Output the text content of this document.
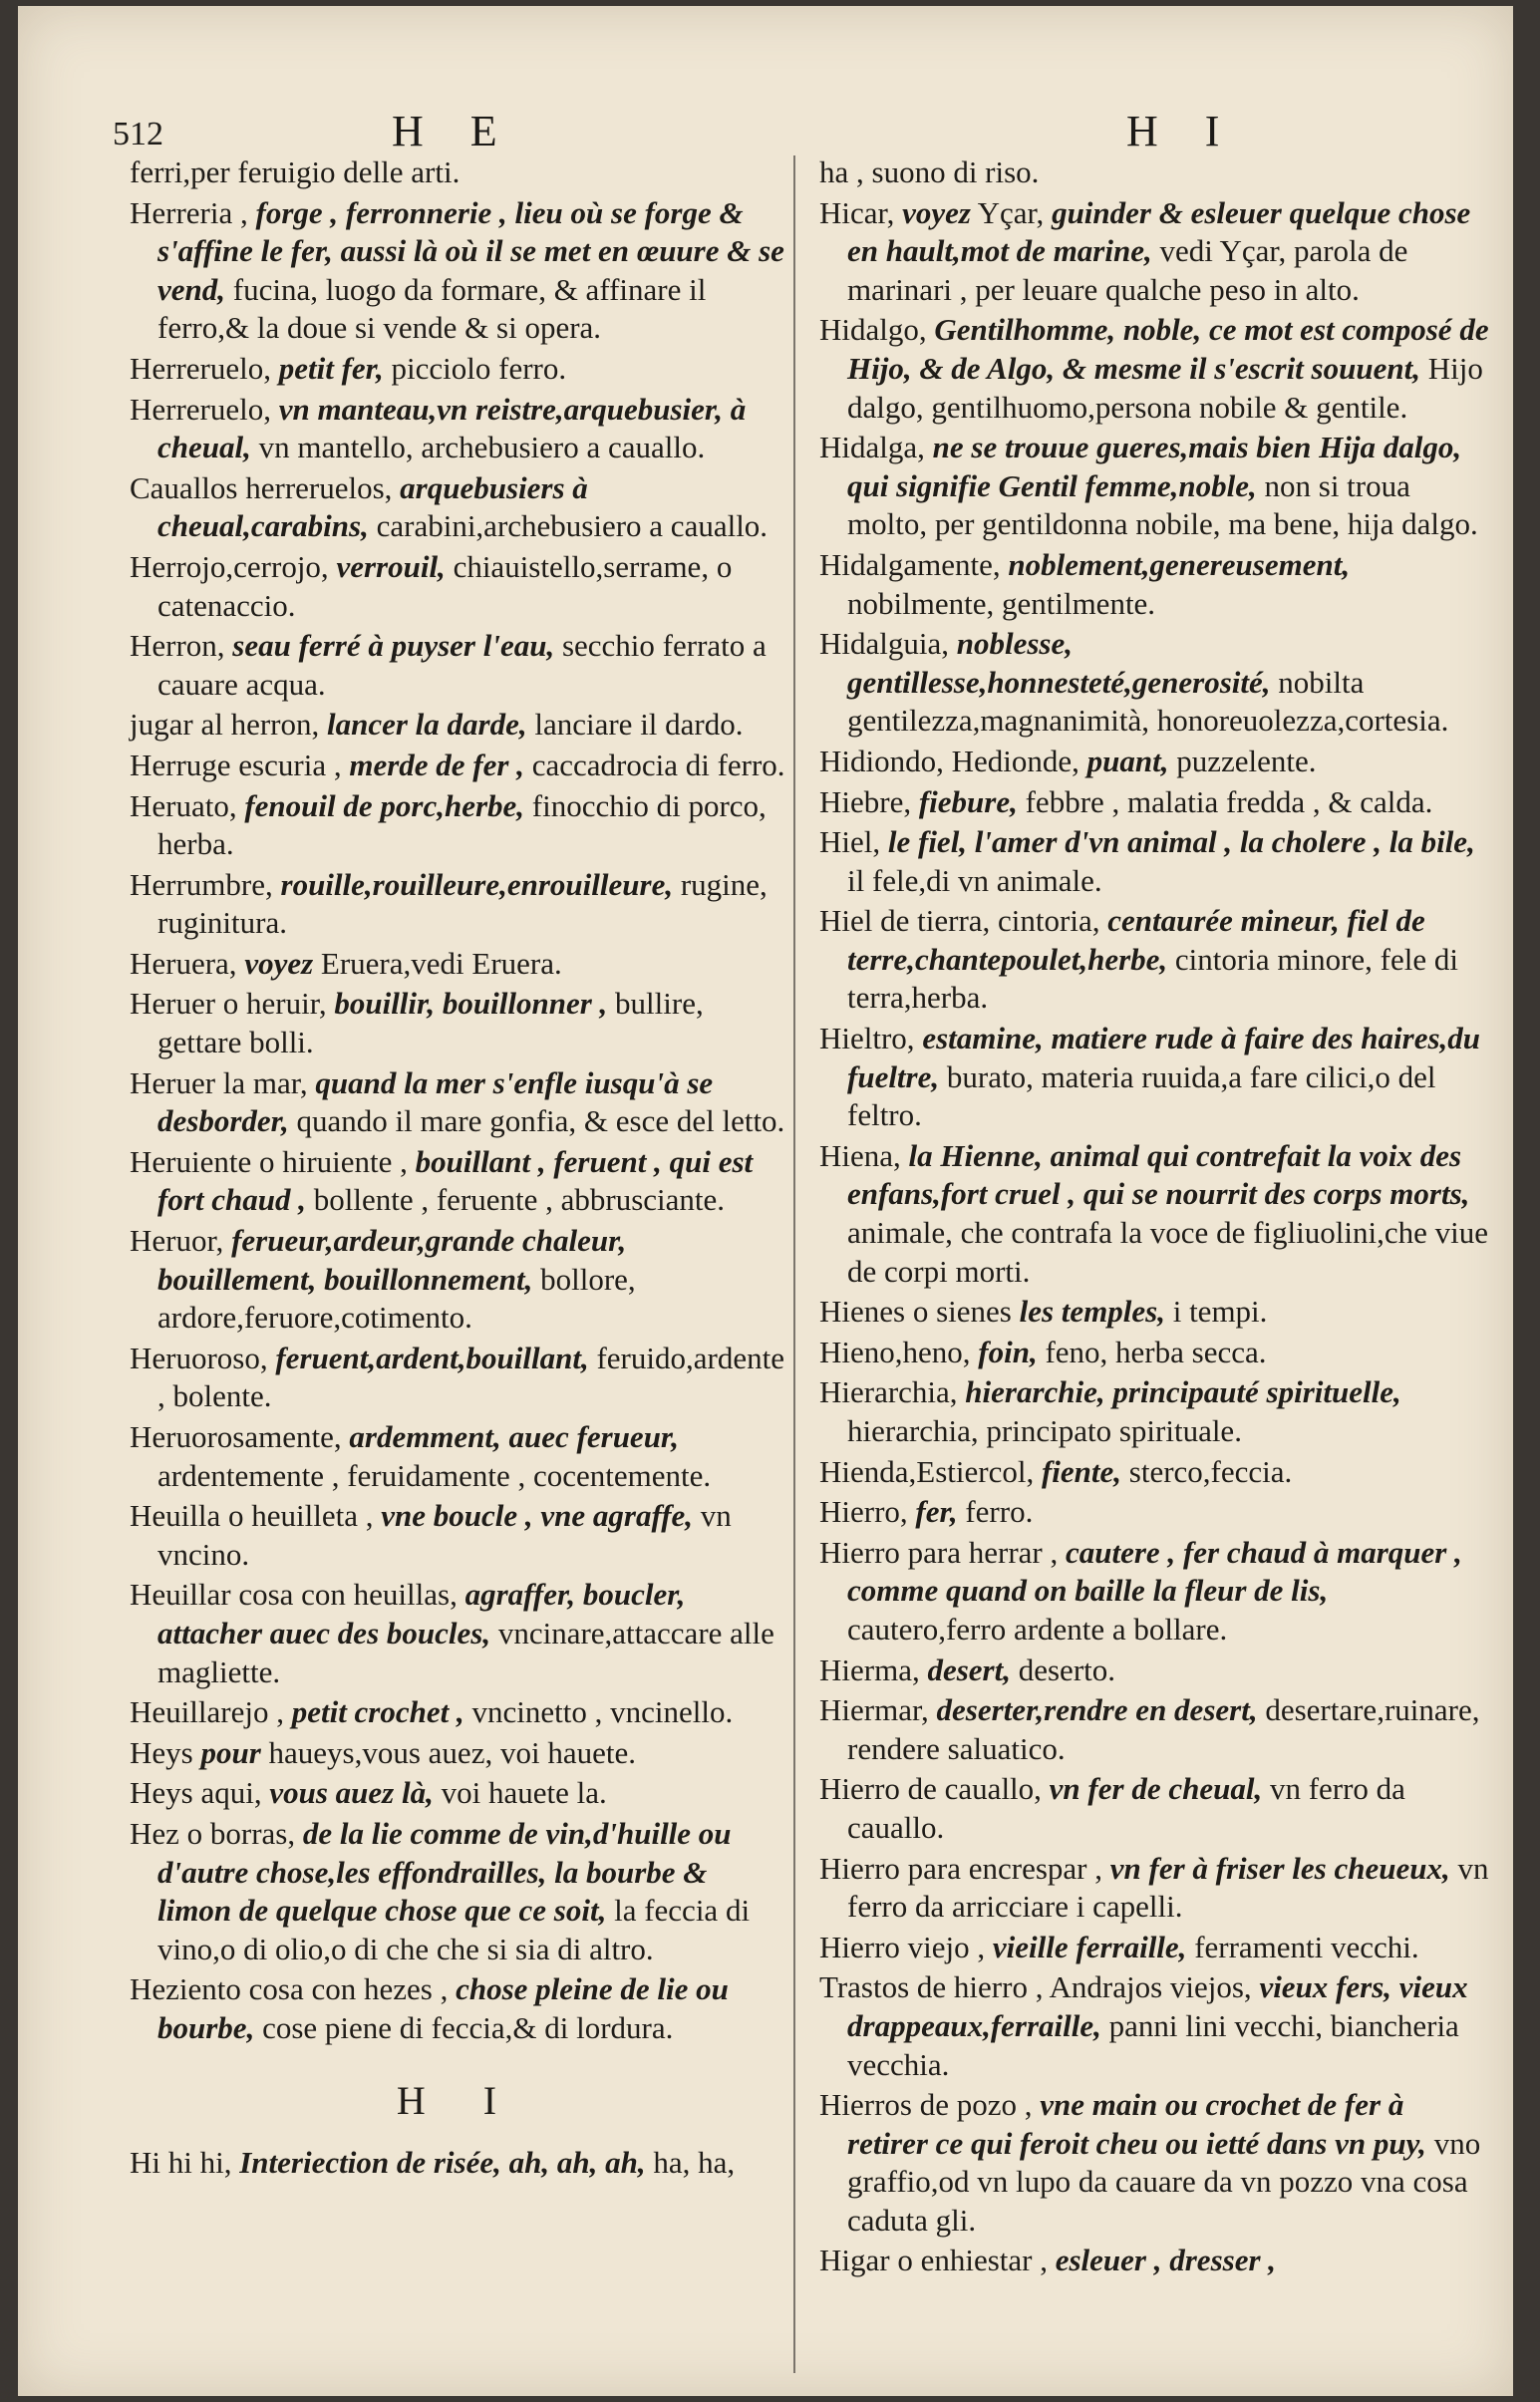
512	H E	H I
ferri,per feruigio delle arti.
Herreria , forge , ferronnerie , lieu où se forge & s'affine le fer, aussi là où il se met en œuure & se vend, fucina, luogo da formare, & affinare il ferro,& la doue si vende & si opera.
Herreruelo, petit fer, picciolo ferro.
Herreruelo, vn manteau,vn reistre,arquebusier, à cheual, vn mantello, archebusiero a cauallo.
Cauallos herreruelos, arquebusiers à cheual,carabins, carabini,archebusiero a cauallo.
Herrojo,cerrojo, verrouil, chiauistello,serrame, o catenaccio.
Herron, seau ferré à puyser l'eau, secchio ferrato a cauare acqua.
jugar al herron, lancer la darde, lanciare il dardo.
Herruge escuria , merde de fer , caccadrocia di ferro.
Heruato, fenouil de porc,herbe, finocchio di porco, herba.
Herrumbre, rouille,rouilleure,enrouilleure, rugine, ruginitura.
Heruera, voyez Eruera,vedi Eruera.
Heruer o heruir, bouillir, bouillonner , bullire, gettare bolli.
Heruer la mar, quand la mer s'enfle iusqu'à se desborder, quando il mare gonfia, & esce del letto.
Heruiente o hiruiente , bouillant , feruent , qui est fort chaud , bollente , feruente , abbrusciante.
Heruor, ferueur,ardeur,grande chaleur, bouillement, bouillonnement, bollore, ardore,feruore,cotimento.
Heruoroso, feruent,ardent,bouillant, feruido,ardente , bolente.
Heruorosamente, ardemment, auec ferueur, ardentemente , feruidamente , cocentemente.
Heuilla o heuilleta , vne boucle , vne agraffe, vn vncino.
Heuillar cosa con heuillas, agraffer, boucler, attacher auec des boucles, vncinare,attaccare alle magliette.
Heuillarejo , petit crochet , vncinetto , vncinello.
Heys pour haueys,vous auez, voi hauete.
Heys aqui, vous auez là, voi hauete la.
Hez o borras, de la lie comme de vin,d'huille ou d'autre chose,les effondrailles, la bourbe & limon de quelque chose que ce soit, la feccia di vino,o di olio,o di che che si sia di altro.
Heziento cosa con hezes , chose pleine de lie ou bourbe, cose piene di feccia,& di lordura.
H I
Hi hi hi, Interiection de risée, ah, ah, ah, ha, ha,
ha , suono di riso.
Hicar, voyez Yçar, guinder & esleuer quelque chose en hault,mot de marine, vedi Yçar, parola de marinari , per leuare qualche peso in alto.
Hidalgo, Gentilhomme, noble, ce mot est composé de Hijo, & de Algo, & mesme il s'escrit souuent, Hijo dalgo, gentilhuomo,persona nobile & gentile.
Hidalga, ne se trouue gueres,mais bien Hija dalgo, qui signifie Gentil femme,noble, non si troua molto, per gentildonna nobile, ma bene, hija dalgo.
Hidalgamente, noblement,genereusement, nobilmente, gentilmente.
Hidalguia, noblesse, gentillesse,honnesteté,generosité, nobilta gentilezza,magnanimità, honoreuolezza,cortesia.
Hidiondo, Hedionde, puant, puzzelente.
Hiebre, fiebure, febbre , malatia fredda , & calda.
Hiel, le fiel, l'amer d'vn animal , la cholere , la bile, il fele,di vn animale.
Hiel de tierra, cintoria, centaurée mineur, fiel de terre,chantepoulet,herbe, cintoria minore, fele di terra,herba.
Hieltro, estamine, matiere rude à faire des haires,du fueltre, burato, materia ruuida,a fare cilici,o del feltro.
Hiena, la Hienne, animal qui contrefait la voix des enfans,fort cruel , qui se nourrit des corps morts, animale, che contrafa la voce de figliuolini,che viue de corpi morti.
Hienes o sienes les temples, i tempi.
Hieno,heno, foin, feno, herba secca.
Hierarchia, hierarchie, principauté spirituelle, hierarchia, principato spirituale.
Hienda,Estiercol, fiente, sterco,feccia.
Hierro, fer, ferro.
Hierro para herrar , cautere , fer chaud à marquer , comme quand on baille la fleur de lis, cautero,ferro ardente a bollare.
Hierma, desert, deserto.
Hiermar, deserter,rendre en desert, desertare,ruinare, rendere saluatico.
Hierro de cauallo, vn fer de cheual, vn ferro da cauallo.
Hierro para encrespar , vn fer à friser les cheueux, vn ferro da arricciare i capelli.
Hierro viejo , vieille ferraille, ferramenti vecchi.
Trastos de hierro , Andrajos viejos, vieux fers, vieux drappeaux,ferraille, panni lini vecchi, biancheria vecchia.
Hierros de pozo , vne main ou crochet de fer à retirer ce qui feroit cheu ou ietté dans vn puy, vno graffio,od vn lupo da cauare da vn pozzo vna cosa caduta gli.
Higar o enhiestar , esleuer , dresser ,
